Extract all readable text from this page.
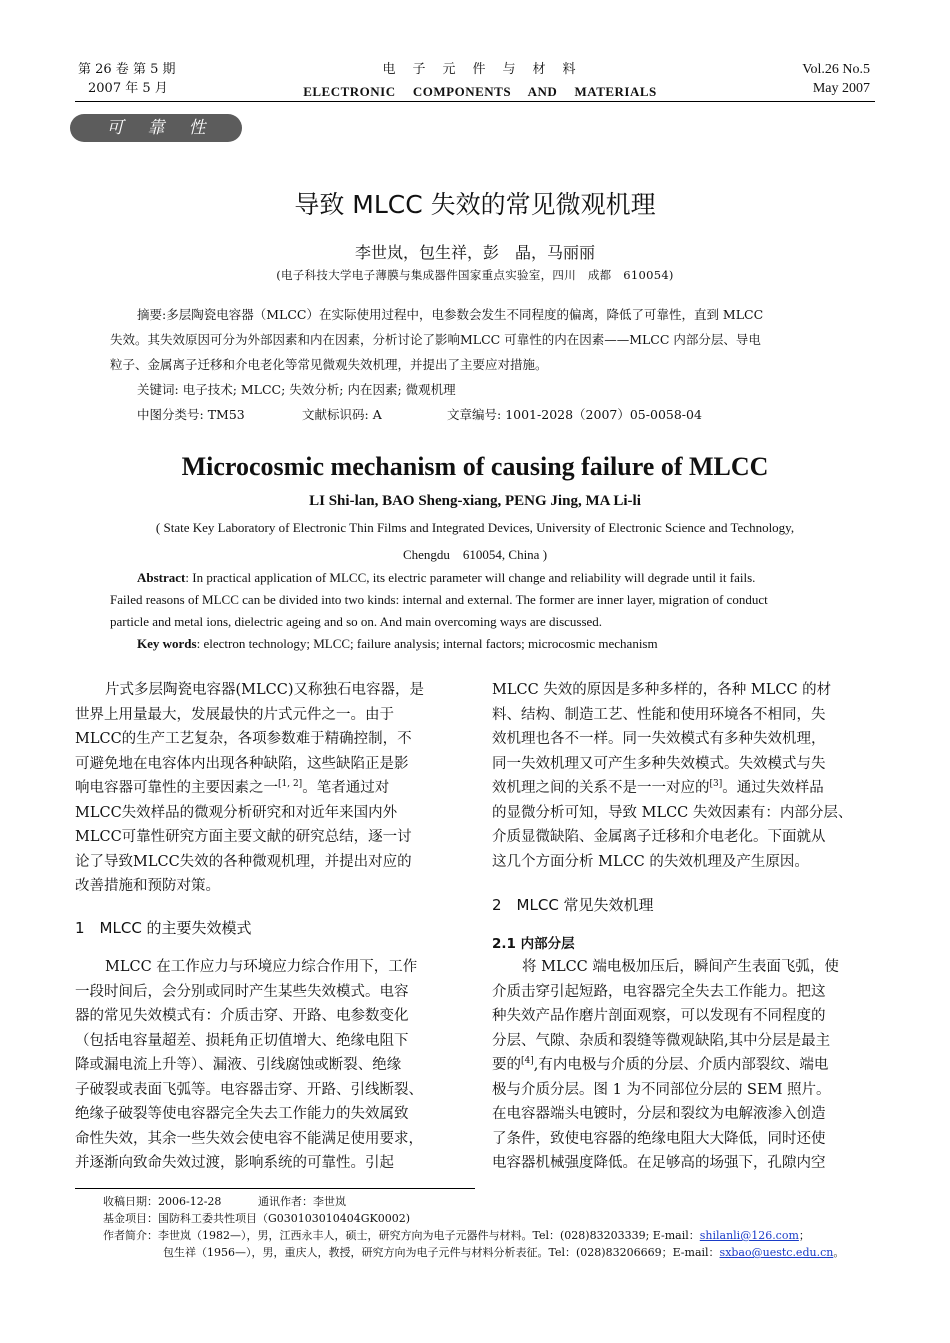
第 26 卷 第 5 期
2007 年 5 月
电　子　元　件　与　材　料
ELECTRONIC　 COMPONENTS　 AND　 MATERIALS
Vol.26 No.5
May 2007
可靠性
导致 MLCC 失效的常见微观机理
李世岚，包生祥，彭　晶，马丽丽
(电子科技大学电子薄膜与集成器件国家重点实验室，四川　成都　610054)
摘要:多层陶瓷电容器（MLCC）在实际使用过程中，电参数会发生不同程度的偏离，降低了可靠性，直到 MLCC
失效。其失效原因可分为外部因素和内在因素，分析讨论了影响MLCC 可靠性的内在因素——MLCC 内部分层、导电
粒子、金属离子迁移和介电老化等常见微观失效机理，并提出了主要应对措施。
关键词: 电子技术; MLCC; 失效分析; 内在因素; 微观机理
中图分类号: TM53	文献标识码: A	文章编号: 1001-2028（2007）05-0058-04
Microcosmic mechanism of causing failure of MLCC
LI Shi-lan, BAO Sheng-xiang, PENG Jing, MA Li-li
( State Key Laboratory of Electronic Thin Films and Integrated Devices, University of Electronic Science and Technology,
Chengdu　610054, China )
Abstract: In practical application of MLCC, its electric parameter will change and reliability will degrade until it fails.
Failed reasons of MLCC can be divided into two kinds: internal and external. The former are inner layer, migration of conduct
particle and metal ions, dielectric ageing and so on. And main overcoming ways are discussed.
Key words: electron technology; MLCC; failure analysis; internal factors; microcosmic mechanism
片式多层陶瓷电容器(MLCC)又称独石电容器，是
世界上用量最大，发展最快的片式元件之一。由于
MLCC的生产工艺复杂，各项参数难于精确控制，不
可避免地在电容体内出现各种缺陷，这些缺陷正是影
响电容器可靠性的主要因素之一[1, 2]。笔者通过对
MLCC失效样品的微观分析研究和对近年来国内外
MLCC可靠性研究方面主要文献的研究总结，逐一讨
论了导致MLCC失效的各种微观机理，并提出对应的
改善措施和预防对策。
1　MLCC 的主要失效模式
MLCC 在工作应力与环境应力综合作用下，工作
一段时间后，会分别或同时产生某些失效模式。电容
器的常见失效模式有：介质击穿、开路、电参数变化
（包括电容量超差、损耗角正切值增大、绝缘电阻下
降或漏电流上升等）、漏液、引线腐蚀或断裂、绝缘
子破裂或表面飞弧等。电容器击穿、开路、引线断裂、
绝缘子破裂等使电容器完全失去工作能力的失效属致
命性失效，其余一些失效会使电容不能满足使用要求，
并逐渐向致命失效过渡，影响系统的可靠性。引起
MLCC 失效的原因是多种多样的，各种 MLCC 的材
料、结构、制造工艺、性能和使用环境各不相同，失
效机理也各不一样。同一失效模式有多种失效机理，
同一失效机理又可产生多种失效模式。失效模式与失
效机理之间的关系不是一一对应的[3]。通过失效样品
的显微分析可知，导致 MLCC 失效因素有：内部分层、
介质显微缺陷、金属离子迁移和介电老化。下面就从
这几个方面分析 MLCC 的失效机理及产生原因。
2　MLCC 常见失效机理
2.1 内部分层
将 MLCC 端电极加压后，瞬间产生表面飞弧，使
介质击穿引起短路，电容器完全失去工作能力。把这
种失效产品作磨片剖面观察，可以发现有不同程度的
分层、气隙、杂质和裂缝等微观缺陷,其中分层是最主
要的[4],有内电极与介质的分层、介质内部裂纹、端电
极与介质分层。图 1 为不同部位分层的 SEM 照片。
在电容器端头电镀时，分层和裂纹为电解液渗入创造
了条件，致使电容器的绝缘电阻大大降低，同时还使
电容器机械强度降低。在足够高的场强下，孔隙内空
收稿日期：2006-12-28	通讯作者：李世岚
基金项目：国防科工委共性项目（G030103010404GK0002)
作者简介：李世岚（1982—），男，江西永丰人，硕士，研究方向为电子元器件与材料。Tel：(028)83203339; E-mail：shilanli@126.com；
包生祥（1956—），男，重庆人，教授，研究方向为电子元件与材料分析表征。Tel：(028)83206669；E-mail：sxbao@uestc.edu.cn。
